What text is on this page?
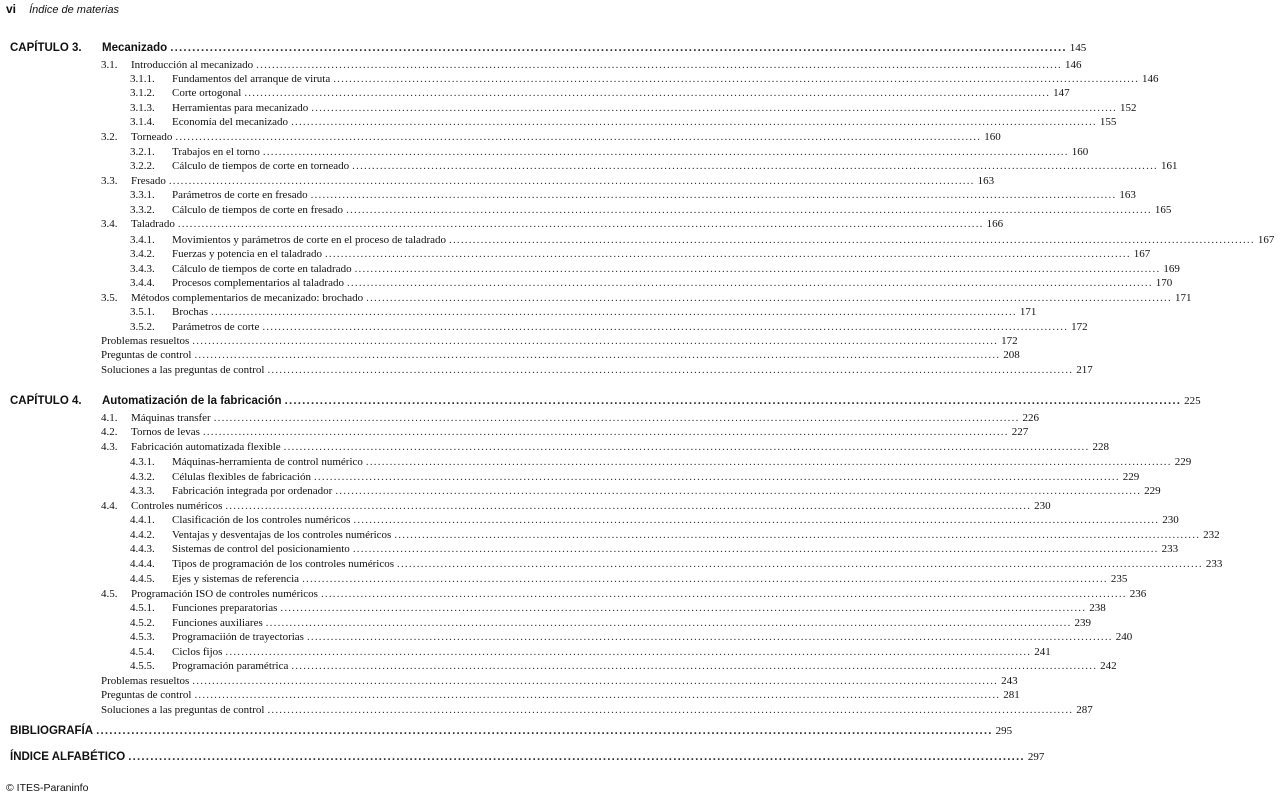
vi Índice de materias
CAPÍTULO 3. Mecanizado .....	145
3.1. Introducción al mecanizado .....	146
3.1.1. Fundamentos del arranque de viruta .....	146
3.1.2. Corte ortogonal .....	147
3.1.3. Herramientas para mecanizado .....	152
3.1.4. Economía del mecanizado .....	155
3.2. Torneado .....	160
3.2.1. Trabajos en el torno .....	160
3.2.2. Cálculo de tiempos de corte en torneado .....	161
3.3. Fresado .....	163
3.3.1. Parámetros de corte en fresado .....	163
3.3.2. Cálculo de tiempos de corte en fresado .....	165
3.4. Taladrado .....	166
3.4.1. Movimientos y parámetros de corte en el proceso de taladrado .....	167
3.4.2. Fuerzas y potencia en el taladrado .....	167
3.4.3. Cálculo de tiempos de corte en taladrado .....	169
3.4.4. Procesos complementarios al taladrado .....	170
3.5. Métodos complementarios de mecanizado: brochado .....	171
3.5.1. Brochas .....	171
3.5.2. Parámetros de corte .....	172
Problemas resueltos .....	172
Preguntas de control .....	208
Soluciones a las preguntas de control .....	217
CAPÍTULO 4. Automatización de la fabricación .....	225
4.1. Máquinas transfer .....	226
4.2. Tornos de levas .....	227
4.3. Fabricación automatizada flexible .....	228
4.3.1. Máquinas-herramienta de control numérico .....	229
4.3.2. Células flexibles de fabricación .....	229
4.3.3. Fabricación integrada por ordenador .....	229
4.4. Controles numéricos .....	230
4.4.1. Clasificación de los controles numéricos .....	230
4.4.2. Ventajas y desventajas de los controles numéricos .....	232
4.4.3. Sistemas de control del posicionamiento .....	233
4.4.4. Tipos de programación de los controles numéricos .....	233
4.4.5. Ejes y sistemas de referencia .....	235
4.5. Programación ISO de controles numéricos .....	236
4.5.1. Funciones preparatorias .....	238
4.5.2. Funciones auxiliares .....	239
4.5.3. Programaciión de trayectorias .....	240
4.5.4. Ciclos fijos .....	241
4.5.5. Programación paramétrica .....	242
Problemas resueltos .....	243
Preguntas de control .....	281
Soluciones a las preguntas de control .....	287
BIBLIOGRAFÍA .....	295
ÍNDICE ALFABÉTICO .....	297
© ITES-Paraninfo
